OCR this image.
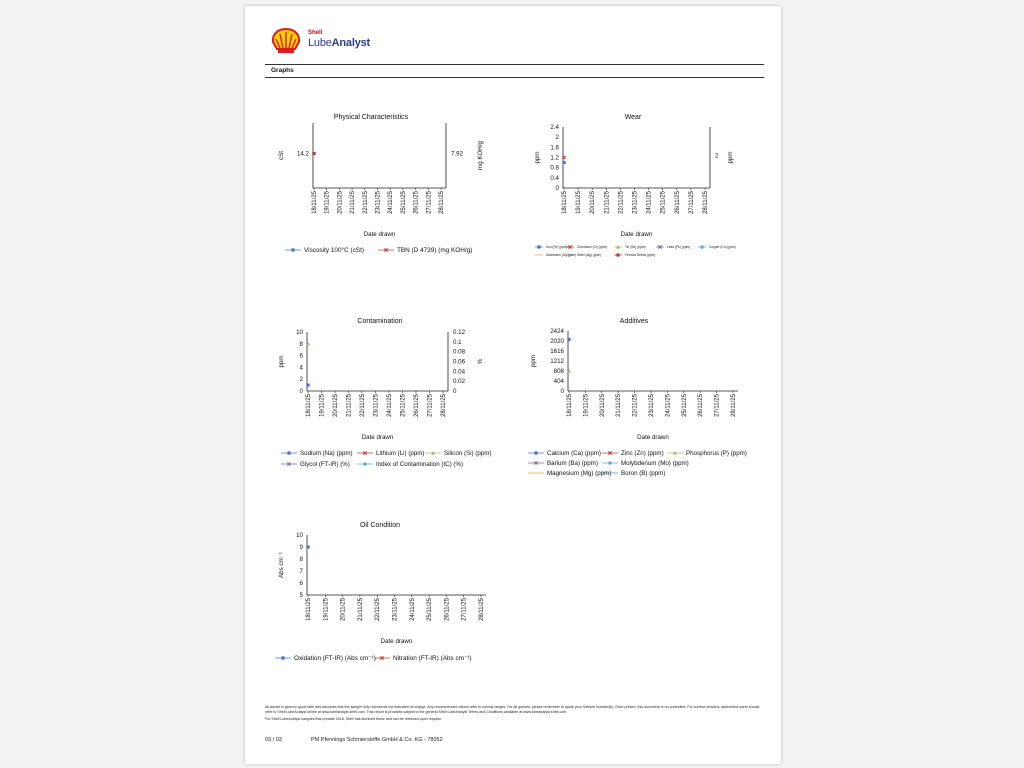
Shell
LubeAnalyst
Graphs
Physical Characteristics
18/11/25 19/11/25 20/11/25 21/11/25 22/11/25 23/11/25 24/11/25 25/11/25 26/11/25 27/11/25 28/11/25
Date drawn
14.2
cSt	7.92 mg KOH/g
Viscosity 100°C (cSt)	TBN (D 4739) (mg KOH/g)
Wear
18/11/25 19/11/25 20/11/25 21/11/25 22/11/25 23/11/25 24/11/25 25/11/25 26/11/25 27/11/25 28/11/25
Date drawn
0
0.4
0.8
1.2
1.6
2
2.4
ppm	2 ppm
Iron (Fe) (ppm)	Chromium (Cr) (ppm)	Tin (Sn) (ppm)	Lead (Pb) (ppm)	Copper (Cu) (ppm)
Aluminium (Al) (ppm) Silver (Ag) (ppm)	Ferrous Debris (ppm)
Contamination
18/11/25 19/11/25 20/11/25 21/11/25 22/11/25 23/11/25 24/11/25 25/11/25 26/11/25 27/11/25 28/11/25
Date drawn
0
2
4
6
8
10
ppm
0
0.02
0.04
0.06
0.08
0.1
0.12
%
Sodium (Na) (ppm)	Lithium (Li) (ppm)	Silicon (Si) (ppm)
Glycol (FT-IR) (%)	Index of Contamination (IC) (%)
Additives
18/11/25 19/11/25 20/11/25 21/11/25 22/11/25 23/11/25 24/11/25 25/11/25 26/11/25 27/11/25 28/11/25
Date drawn
0
404
808
1212
1616
2020
2424
ppm
Calcium (Ca) (ppm)	Zinc (Zn) (ppm)	Phosphorus (P) (ppm)
Barium (Ba) (ppm)	Molybdenum (Mo) (ppm)
Magnesium (Mg) (ppm) Boron (B) (ppm)
Oil Condition
18/11/25 19/11/25 20/11/25 21/11/25 22/11/25 23/11/25 24/11/25 25/11/25 26/11/25 27/11/25 28/11/25
Date drawn
5
6
7
8
9
10
Abs cm⁻¹
Oxidation (FT-IR) (Abs cm⁻¹)	Nitration (FT-IR) (Abs cm⁻¹)

All advice is given in good faith and assumes that the sample fully represents the indicated oil charge. Any recommended values refer to normal ranges. For all queries, please remember to quote your Sample Number(s). Once printed, this document is un-controlled. For current versions, authorised users should refer to Shell LubeAnalyst online at www.lubeanalyst.shell.com. This report is provided subject to the general Shell LubeAnalyst Terms and Conditions available at www.lubeanalyst.shell.com.

For Shell LubeAnalyst samples that predate 2018, Shell has archived these and can be retrieved upon request.

03 / 03	PM Pfennings Schmierstoffe GmbH & Co. KG - 78052
